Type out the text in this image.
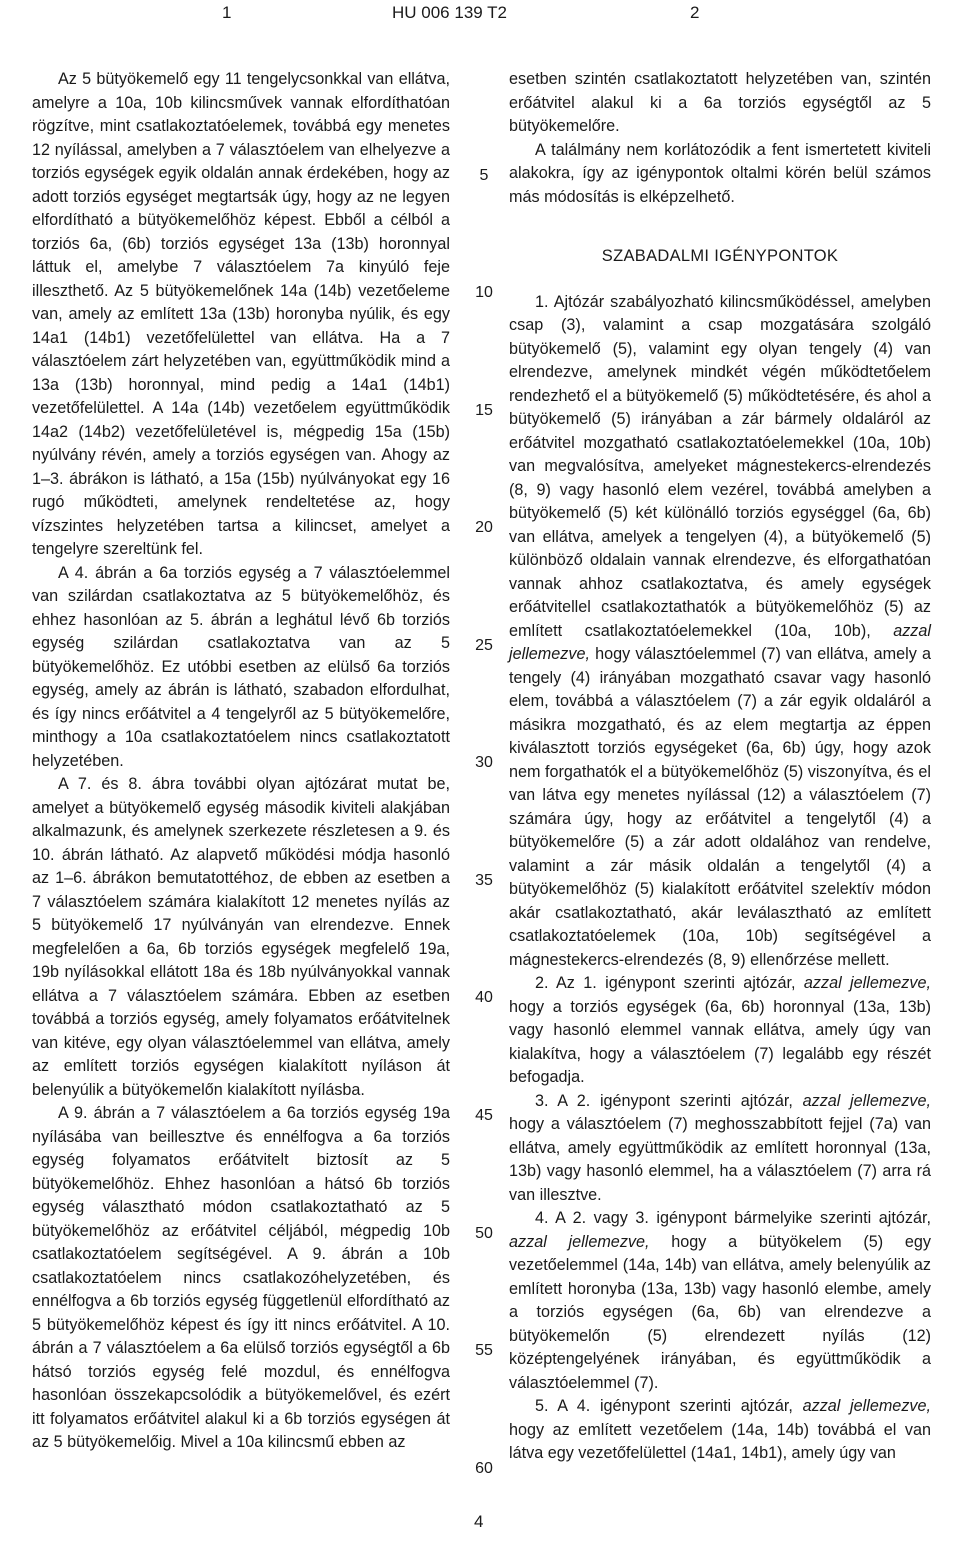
1	HU 006 139 T2	2

Az 5 bütyökemelő egy 11 tengelycsonkkal van ellátva, amelyre a 10a, 10b kilincsművek vannak elfordíthatóan rögzítve, mint csatlakoztatóelemek, továbbá egy menetes 12 nyílással, amelyben a 7 választóelem van elhelyezve a torziós egységek egyik oldalán annak érdekében, hogy az adott torziós egységet megtartsák úgy, hogy az ne legyen elfordítható a bütyökemelőhöz képest. Ebből a célból a torziós 6a, (6b) torziós egységet 13a (13b) horonnyal láttuk el, amelybe 7 választóelem 7a kinyúló feje illeszthető. Az 5 bütyökemelőnek 14a (14b) vezetőeleme van, amely az említett 13a (13b) horonyba nyúlik, és egy 14a1 (14b1) vezetőfelülettel van ellátva. Ha a 7 választóelem zárt helyzetében van, együttműködik mind a 13a (13b) horonnyal, mind pedig a 14a1 (14b1) vezetőfelülettel. A 14a (14b) vezetőelem együttműködik 14a2 (14b2) vezetőfelületével is, mégpedig 15a (15b) nyúlvány révén, amely a torziós egységen van. Ahogy az 1–3. ábrákon is látható, a 15a (15b) nyúlványokat egy 16 rugó működteti, amelynek rendeltetése az, hogy vízszintes helyzetében tartsa a kilincset, amelyet a tengelyre szereltünk fel.

A 4. ábrán a 6a torziós egység a 7 választóelemmel van szilárdan csatlakoztatva az 5 bütyökemelőhöz, és ehhez hasonlóan az 5. ábrán a leghátul lévő 6b torziós egység szilárdan csatlakoztatva van az 5 bütyökemelőhöz. Ez utóbbi esetben az elülső 6a torziós egység, amely az ábrán is látható, szabadon elfordulhat, és így nincs erőátvitel a 4 tengelyről az 5 bütyökemelőre, minthogy a 10a csatlakoztatóelem nincs csatlakoztatott helyzetében.

A 7. és 8. ábra további olyan ajtózárat mutat be, amelyet a bütyökemelő egység második kiviteli alakjában alkalmazunk, és amelynek szerkezete részletesen a 9. és 10. ábrán látható. Az alapvető működési módja hasonló az 1–6. ábrákon bemutatottéhoz, de ebben az esetben a 7 választóelem számára kialakított 12 menetes nyílás az 5 bütyökemelő 17 nyúlványán van elrendezve. Ennek megfelelően a 6a, 6b torziós egységek megfelelő 19a, 19b nyílásokkal ellátott 18a és 18b nyúlványokkal vannak ellátva a 7 választóelem számára. Ebben az esetben továbbá a torziós egység, amely folyamatos erőátvitelnek van kitéve, egy olyan választóelemmel van ellátva, amely az említett torziós egységen kialakított nyíláson át belenyúlik a bütyökemelőn kialakított nyílásba.

A 9. ábrán a 7 választóelem a 6a torziós egység 19a nyílásába van beillesztve és ennélfogva a 6a torziós egység folyamatos erőátvitelt biztosít az 5 bütyökemelőhöz. Ehhez hasonlóan a hátsó 6b torziós egység választható módon csatlakoztatható az 5 bütyökemelőhöz az erőátvitel céljából, mégpedig 10b csatlakoztatóelem segítségével. A 9. ábrán a 10b csatlakoztatóelem nincs csatlakozóhelyzetében, és ennélfogva a 6b torziós egység függetlenül elfordítható az 5 bütyökemelőhöz képest és így itt nincs erőátvitel. A 10. ábrán a 7 választóelem a 6a elülső torziós egységtől a 6b hátsó torziós egység felé mozdul, és ennélfogva hasonlóan összekapcsolódik a bütyökemelővel, és ezért itt folyamatos erőátvitel alakul ki a 6b torziós egységen át az 5 bütyökemelőig. Mivel a 10a kilincsmű ebben az

5
10
15
20
25
30
35
40
45
50
55
60

esetben szintén csatlakoztatott helyzetében van, szintén erőátvitel alakul ki a 6a torziós egységtől az 5 bütyökemelőre.

A találmány nem korlátozódik a fent ismertetett kiviteli alakokra, így az igénypontok oltalmi körén belül számos más módosítás is elképzelhető.

SZABADALMI IGÉNYPONTOK

1. Ajtózár szabályozható kilincsműködéssel, amelyben csap (3), valamint a csap mozgatására szolgáló bütyökemelő (5), valamint egy olyan tengely (4) van elrendezve, amelynek mindkét végén működtetőelem rendezhető el a bütyökemelő (5) működtetésére, és ahol a bütyökemelő (5) irányában a zár bármely oldaláról az erőátvitel mozgatható csatlakoztatóelemekkel (10a, 10b) van megvalósítva, amelyeket mágnestekercs-elrendezés (8, 9) vagy hasonló elem vezérel, továbbá amelyben a bütyökemelő (5) két különálló torziós egységgel (6a, 6b) van ellátva, amelyek a tengelyen (4), a bütyökemelő (5) különböző oldalain vannak elrendezve, és elforgathatóan vannak ahhoz csatlakoztatva, és amely egységek erőátvitellel csatlakoztathatók a bütyökemelőhöz (5) az említett csatlakoztatóelemekkel (10a, 10b), azzal jellemezve, hogy választóelemmel (7) van ellátva, amely a tengely (4) irányában mozgatható csavar vagy hasonló elem, továbbá a választóelem (7) a zár egyik oldaláról a másikra mozgatható, és az elem megtartja az éppen kiválasztott torziós egységeket (6a, 6b) úgy, hogy azok nem forgathatók el a bütyökemelőhöz (5) viszonyítva, és el van látva egy menetes nyílással (12) a választóelem (7) számára úgy, hogy az erőátvitel a tengelytől (4) a bütyökemelőre (5) a zár adott oldalához van rendelve, valamint a zár másik oldalán a tengelytől (4) a bütyökemelőhöz (5) kialakított erőátvitel szelektív módon akár csatlakoztatható, akár leválasztható az említett csatlakoztatóelemek (10a, 10b) segítségével a mágnestekercs-elrendezés (8, 9) ellenőrzése mellett.

2. Az 1. igénypont szerinti ajtózár, azzal jellemezve, hogy a torziós egységek (6a, 6b) horonnyal (13a, 13b) vagy hasonló elemmel vannak ellátva, amely úgy van kialakítva, hogy a választóelem (7) legalább egy részét befogadja.

3. A 2. igénypont szerinti ajtózár, azzal jellemezve, hogy a választóelem (7) meghosszabbított fejjel (7a) van ellátva, amely együttműködik az említett horonnyal (13a, 13b) vagy hasonló elemmel, ha a választóelem (7) arra rá van illesztve.

4. A 2. vagy 3. igénypont bármelyike szerinti ajtózár, azzal jellemezve, hogy a bütyökelem (5) egy vezetőelemmel (14a, 14b) van ellátva, amely belenyúlik az említett horonyba (13a, 13b) vagy hasonló elembe, amely a torziós egységen (6a, 6b) van elrendezve a bütyökemelőn (5) elrendezett nyílás (12) középtengelyének irányában, és együttműködik a választóelemmel (7).

5. A 4. igénypont szerinti ajtózár, azzal jellemezve, hogy az említett vezetőelem (14a, 14b) továbbá el van látva egy vezetőfelülettel (14a1, 14b1), amely úgy van

4
